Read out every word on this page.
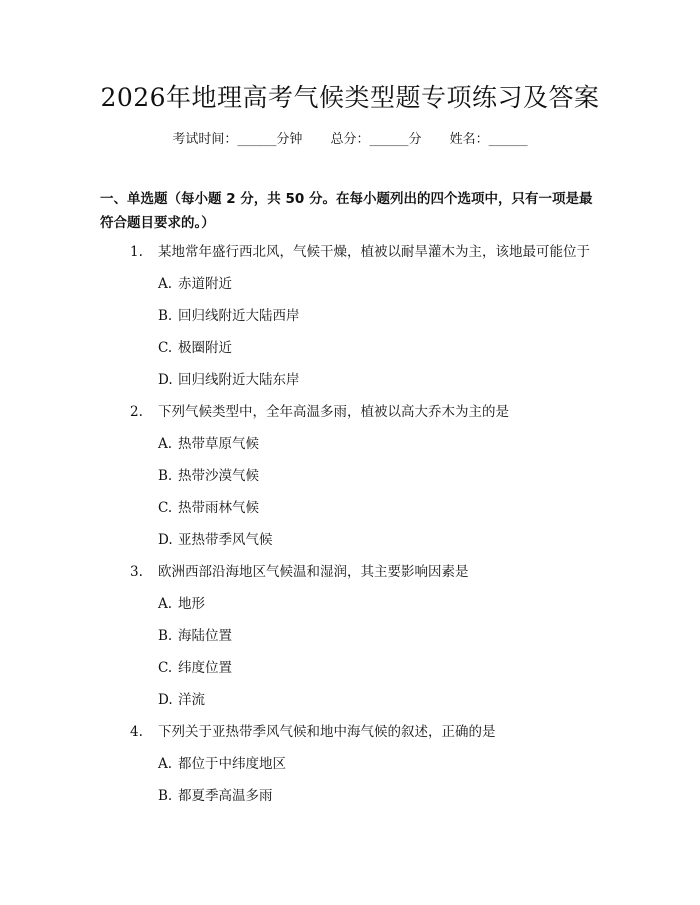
2026年地理高考气候类型题专项练习及答案
考试时间：______分钟 总分：______分 姓名：______
一、单选题（每小题 2 分，共 50 分。在每小题列出的四个选项中，只有一项是最符合题目要求的。）
1. 某地常年盛行西北风，气候干燥，植被以耐旱灌木为主，该地最可能位于
A. 赤道附近
B. 回归线附近大陆西岸
C. 极圈附近
D. 回归线附近大陆东岸
2. 下列气候类型中，全年高温多雨，植被以高大乔木为主的是
A. 热带草原气候
B. 热带沙漠气候
C. 热带雨林气候
D. 亚热带季风气候
3. 欧洲西部沿海地区气候温和湿润，其主要影响因素是
A. 地形
B. 海陆位置
C. 纬度位置
D. 洋流
4. 下列关于亚热带季风气候和地中海气候的叙述，正确的是
A. 都位于中纬度地区
B. 都夏季高温多雨
